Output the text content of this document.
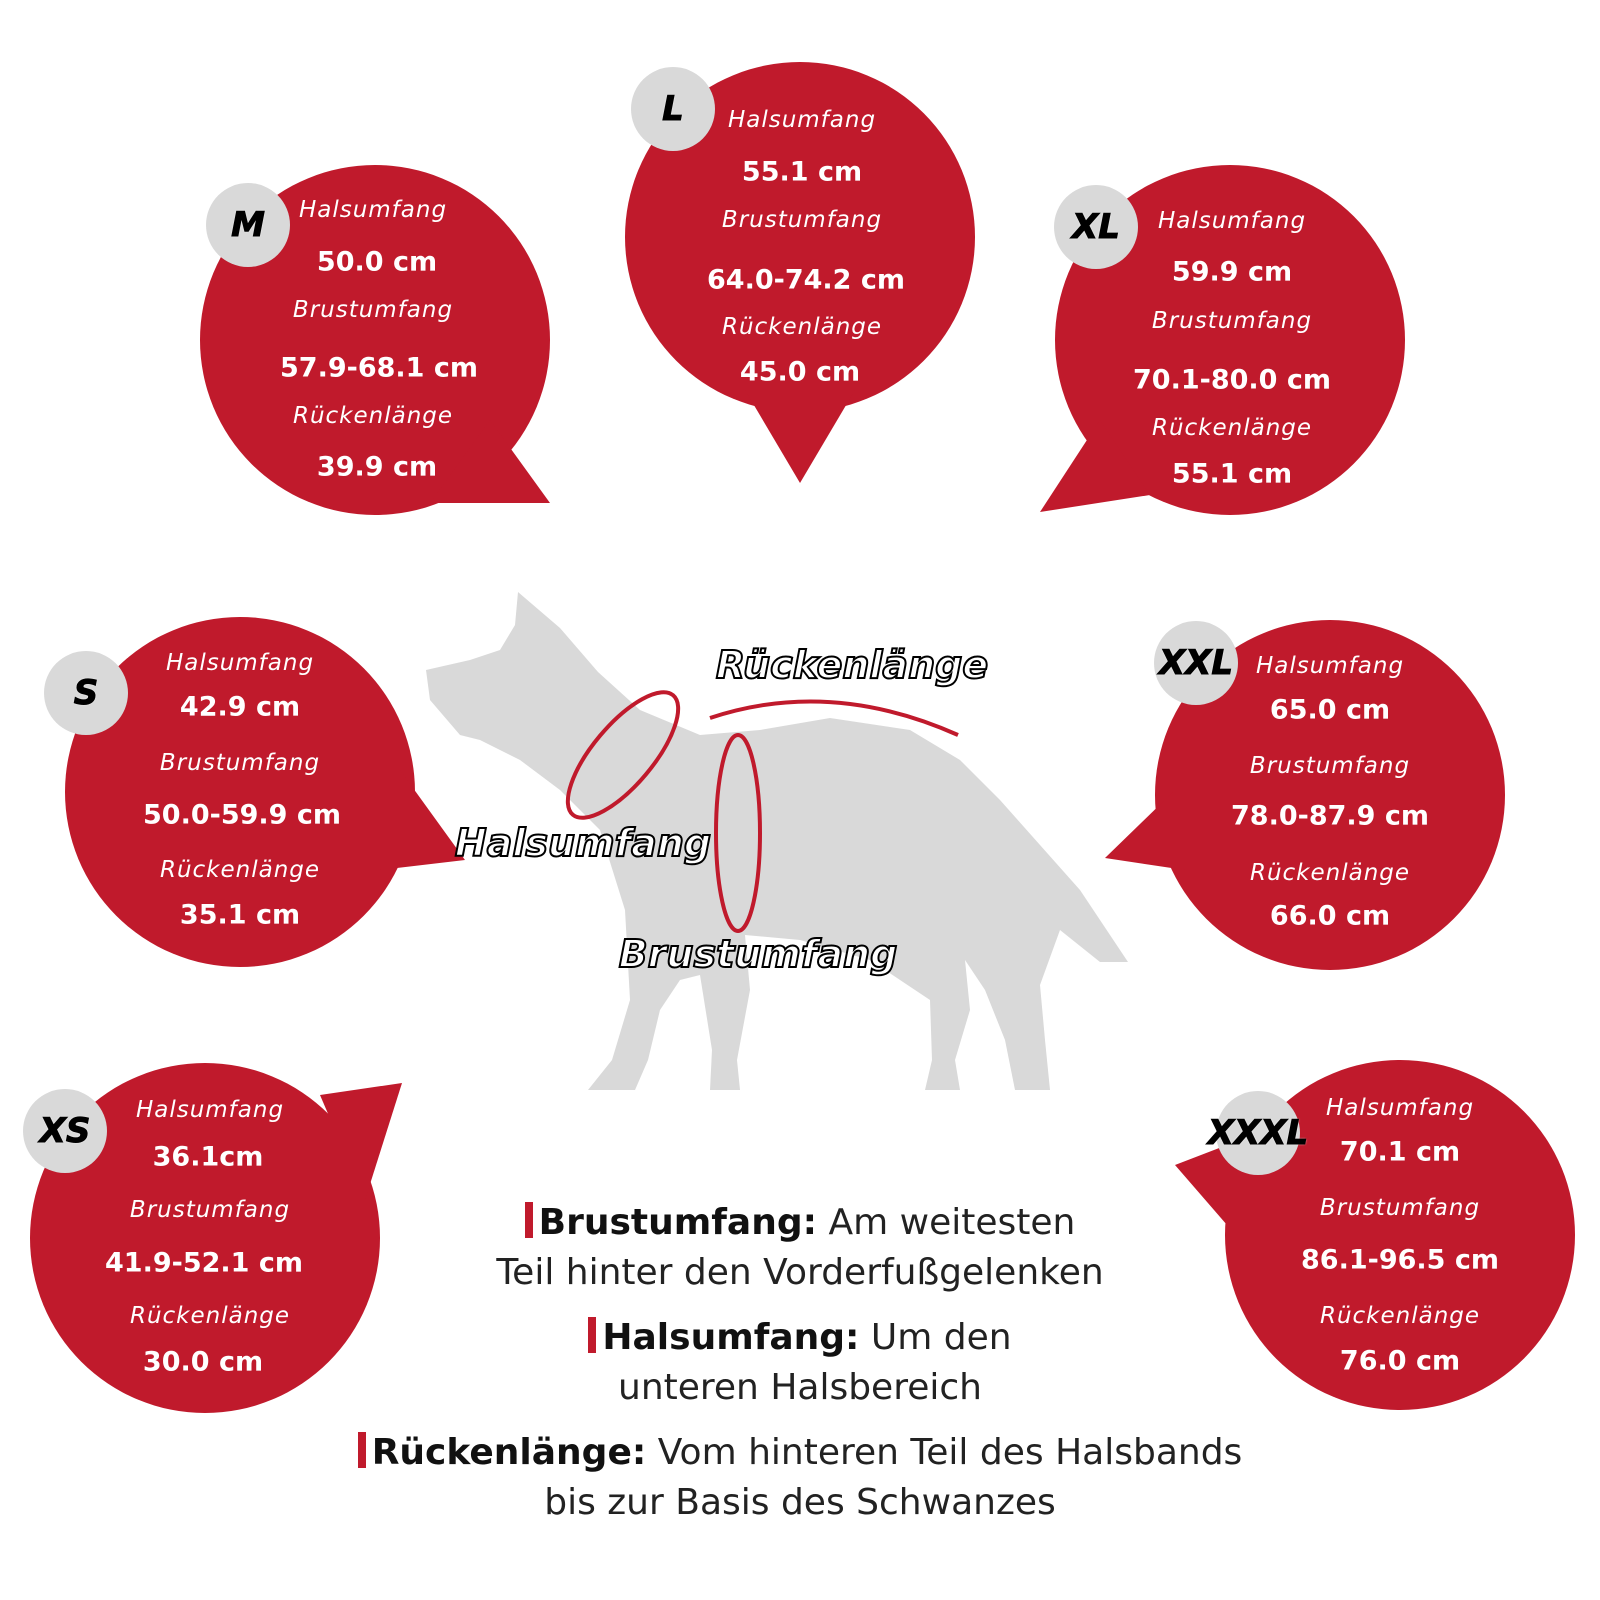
L
M	XL
S
XXL
XS	XXXL
Halsumfang
55.1 cm
Brustumfang
64.0-74.2 cm
Rückenlänge
45.0 cm
Halsumfang
50.0 cm
Brustumfang
57.9-68.1 cm
Rückenlänge
39.9 cm
Halsumfang
59.9 cm
Brustumfang
70.1-80.0 cm
Rückenlänge
55.1 cm
Halsumfang
42.9 cm
Brustumfang
50.0-59.9 cm
Rückenlänge
35.1 cm
Halsumfang
65.0 cm
Brustumfang
78.0-87.9 cm
Rückenlänge
66.0 cm
Halsumfang
36.1cm
Brustumfang
41.9-52.1 cm
Rückenlänge
30.0 cm
Halsumfang
70.1 cm
Brustumfang
86.1-96.5 cm
Rückenlänge
76.0 cm
Rückenlänge
Halsumfang
Brustumfang
Brustumfang: Am weitesten
Teil hinter den Vorderfußgelenken
Halsumfang: Um den
unteren Halsbereich
Rückenlänge: Vom hinteren Teil des Halsbands
bis zur Basis des Schwanzes
